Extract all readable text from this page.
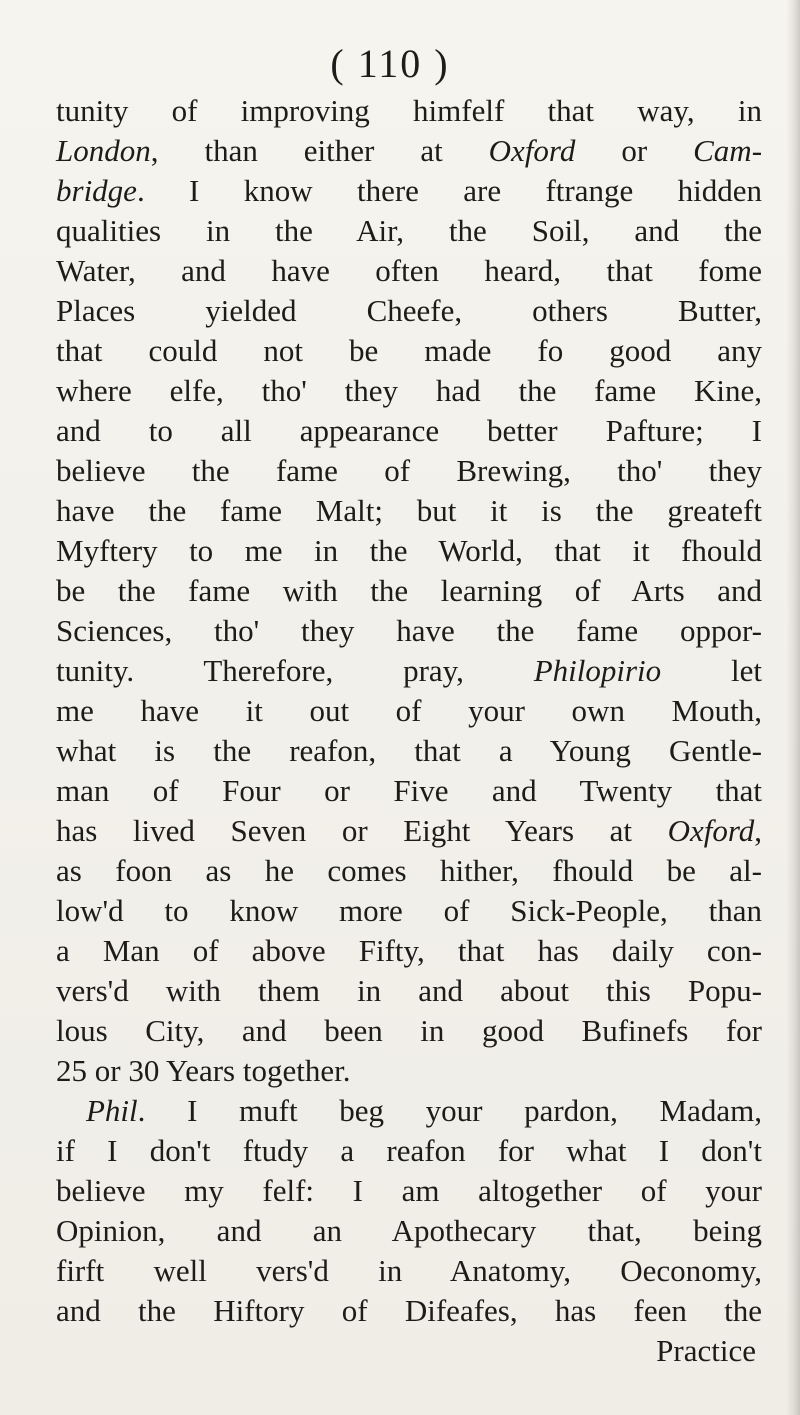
( 110 )
tunity of improving himfelf that way, in
London, than either at Oxford or Cam-
bridge. I know there are ftrange hidden
qualities in the Air, the Soil, and the
Water, and have often heard, that fome
Places yielded Cheefe, others Butter,
that could not be made fo good any
where elfe, tho' they had the fame Kine,
and to all appearance better Pafture; I
believe the fame of Brewing, tho' they
have the fame Malt; but it is the greateft
Myftery to me in the World, that it fhould
be the fame with the learning of Arts and
Sciences, tho' they have the fame oppor-
tunity. Therefore, pray, Philopirio let
me have it out of your own Mouth,
what is the reafon, that a Young Gentle-
man of Four or Five and Twenty that
has lived Seven or Eight Years at Oxford,
as foon as he comes hither, fhould be al-
low'd to know more of Sick-People, than
a Man of above Fifty, that has daily con-
vers'd with them in and about this Popu-
lous City, and been in good Bufinefs for
25 or 30 Years together.
Phil. I muft beg your pardon, Madam,
if I don't ftudy a reafon for what I don't
believe my felf: I am altogether of your
Opinion, and an Apothecary that, being
firft well vers'd in Anatomy, Oeconomy,
and the Hiftory of Difeafes, has feen the
Practice
